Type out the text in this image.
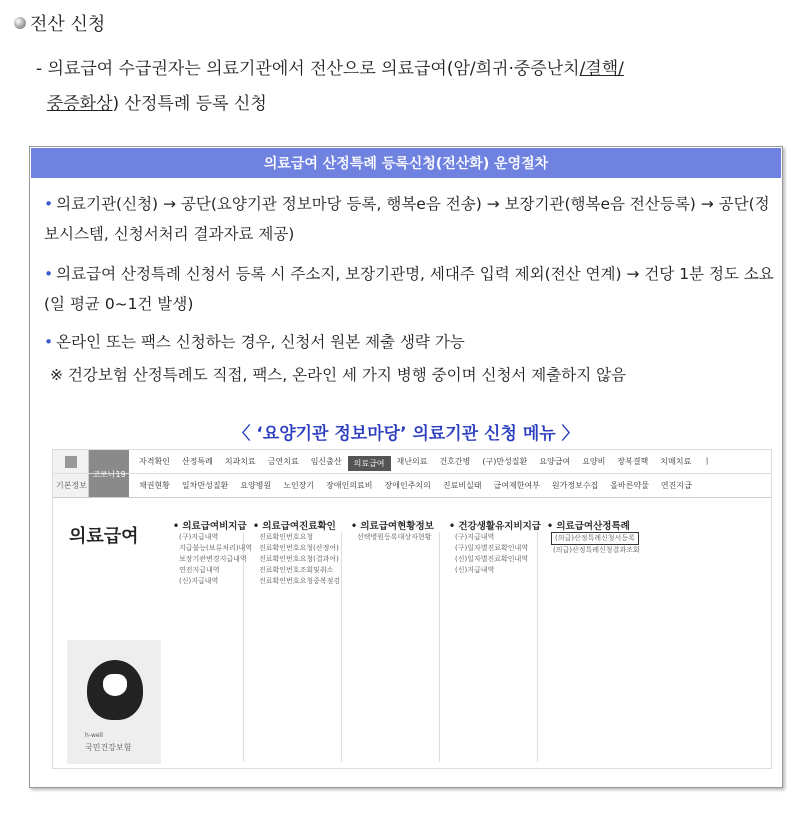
전산 신청
- 의료급여 수급권자는 의료기관에서 전산으로 의료급여(암/희귀·중증난치/결핵/
중증화상) 산정특례 등록 신청
의료급여 산정특례 등록신청(전산화) 운영절차
• 의료기관(신청) → 공단(요양기관 정보마당 등록, 행복e음 전송) → 보장기관(행복e음 전산등록) → 공단(정보시스템, 신청서처리 결과자료 제공)
• 의료급여 산정특례 신청서 등록 시 주소지, 보장기관명, 세대주 입력 제외(전산 연계) → 건당 1분 정도 소요(일 평균 0~1건 발생)
• 온라인 또는 팩스 신청하는 경우, 신청서 원본 제출 생략 가능
※ 건강보험 산정특례도 직접, 팩스, 온라인 세 가지 병행 중이며 신청서 제출하지 않음
〈 ‘요양기관 정보마당’ 의료기관 신청 메뉴 〉
기본정보
코로나19
자격확인	산정특례	치과치료	금연치료	임신출산	의료급여	재난의료	건호간병	(구)만성질환	요양급여	요양비	장복결핵	치매치료	ㅣ
채권현황	일차만성질환	요양병원	노인장기	장애인의료비	장애인주치의	진료비실태	급여제한여부	원가정보수집	올바른약물	연진지급
의료급여	• 의료급여비지급
(구)지급내역
지급불능(보류처리)내역
보장기관변경지급내역
연진지급내역
(신)지급내역
• 의료급여진료확인
진료확인번호요청
진료확인번호요청(산정여)
진료확인번호요청(결과여)
진료확인번호조회및취소
진료확인번호요청중복점검
• 의료급여현황정보
선택병원등록대상자현황
• 건강생활유지비지급
(구)지급내역
(구)일자별진료확인내역
(신)일자별진료확인내역
(신)지급내역
• 의료급여산정특례
(의급)산정특례신청서등록
(의급)산정특례신청결과조회
h-well
국민건강보험
